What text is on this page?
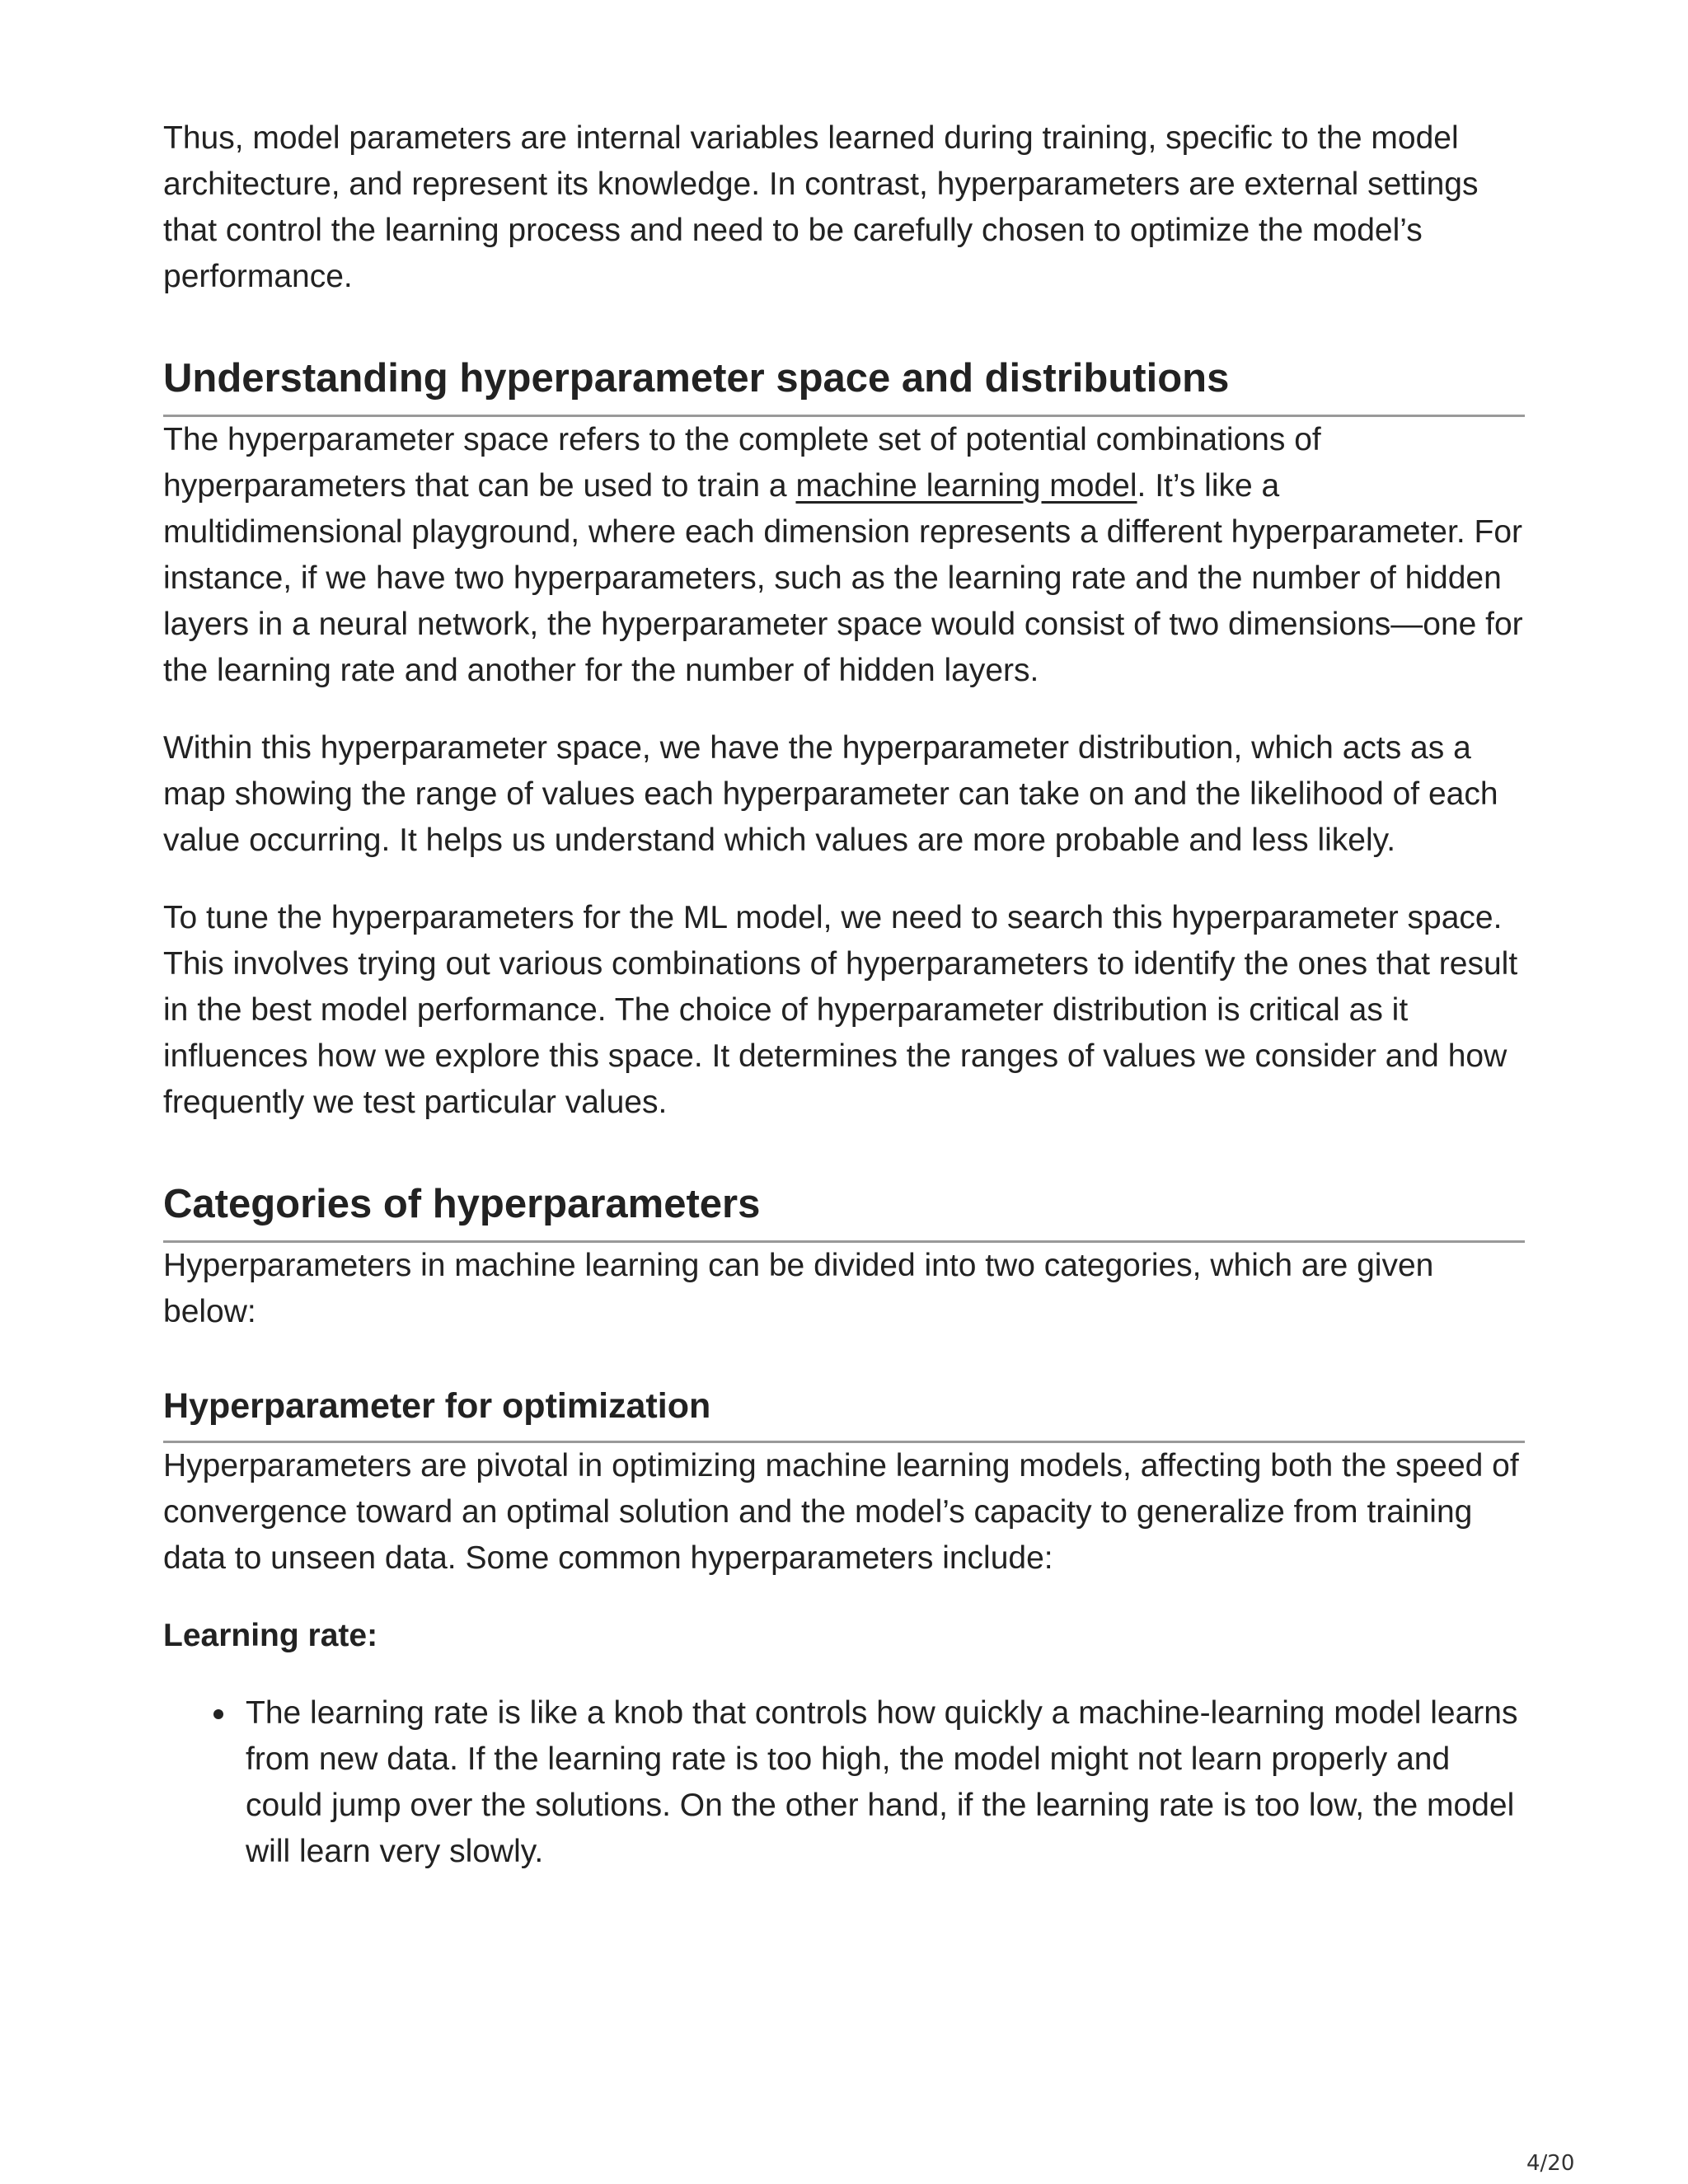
Thus, model parameters are internal variables learned during training, specific to the model architecture, and represent its knowledge. In contrast, hyperparameters are external settings that control the learning process and need to be carefully chosen to optimize the model’s performance.

Understanding hyperparameter space and distributions

The hyperparameter space refers to the complete set of potential combinations of hyperparameters that can be used to train a machine learning model. It’s like a multidimensional playground, where each dimension represents a different hyperparameter. For instance, if we have two hyperparameters, such as the learning rate and the number of hidden layers in a neural network, the hyperparameter space would consist of two dimensions—one for the learning rate and another for the number of hidden layers.

Within this hyperparameter space, we have the hyperparameter distribution, which acts as a map showing the range of values each hyperparameter can take on and the likelihood of each value occurring. It helps us understand which values are more probable and less likely.

To tune the hyperparameters for the ML model, we need to search this hyperparameter space. This involves trying out various combinations of hyperparameters to identify the ones that result in the best model performance. The choice of hyperparameter distribution is critical as it influences how we explore this space. It determines the ranges of values we consider and how frequently we test particular values.

Categories of hyperparameters

Hyperparameters in machine learning can be divided into two categories, which are given below:

Hyperparameter for optimization

Hyperparameters are pivotal in optimizing machine learning models, affecting both the speed of convergence toward an optimal solution and the model’s capacity to generalize from training data to unseen data. Some common hyperparameters include:

Learning rate:
The learning rate is like a knob that controls how quickly a machine-learning model learns from new data. If the learning rate is too high, the model might not learn properly and could jump over the solutions. On the other hand, if the learning rate is too low, the model will learn very slowly.
4/20
